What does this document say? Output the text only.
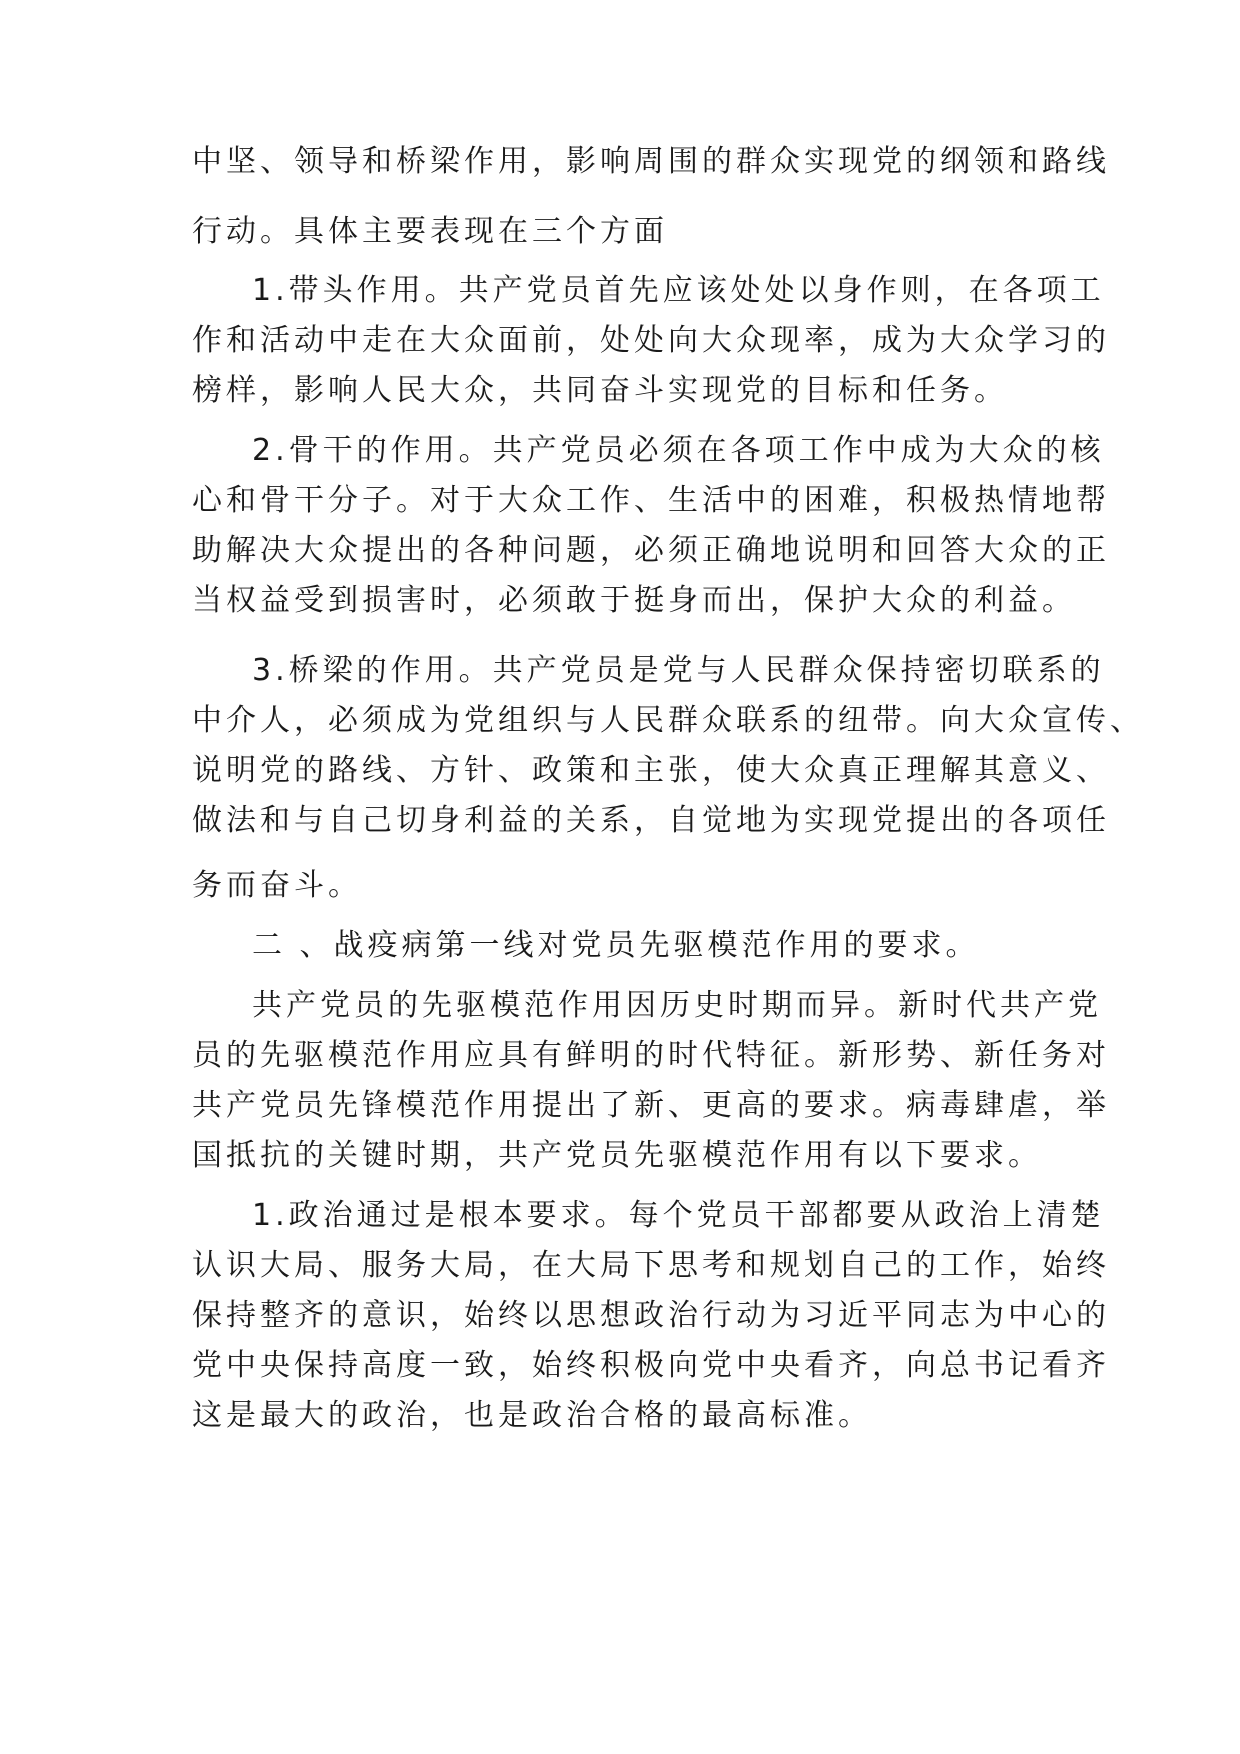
中坚、领导和桥梁作用，影响周围的群众实现党的纲领和路线
行动。具体主要表现在三个方面
1.带头作用。共产党员首先应该处处以身作则，在各项工
作和活动中走在大众面前，处处向大众现率，成为大众学习的
榜样，影响人民大众，共同奋斗实现党的目标和任务。
2.骨干的作用。共产党员必须在各项工作中成为大众的核
心和骨干分子。对于大众工作、生活中的困难，积极热情地帮
助解决大众提出的各种问题，必须正确地说明和回答大众的正
当权益受到损害时，必须敢于挺身而出，保护大众的利益。
3.桥梁的作用。共产党员是党与人民群众保持密切联系的
中介人，必须成为党组织与人民群众联系的纽带。向大众宣传、
说明党的路线、方针、政策和主张，使大众真正理解其意义、
做法和与自己切身利益的关系，自觉地为实现党提出的各项任
务而奋斗。
二 、战疫病第一线对党员先驱模范作用的要求。
共产党员的先驱模范作用因历史时期而异。新时代共产党
员的先驱模范作用应具有鲜明的时代特征。新形势、新任务对
共产党员先锋模范作用提出了新、更高的要求。病毒肆虐，举
国抵抗的关键时期，共产党员先驱模范作用有以下要求。
1.政治通过是根本要求。每个党员干部都要从政治上清楚
认识大局、服务大局，在大局下思考和规划自己的工作，始终
保持整齐的意识，始终以思想政治行动为习近平同志为中心的
党中央保持高度一致，始终积极向党中央看齐，向总书记看齐
这是最大的政治，也是政治合格的最高标准。
